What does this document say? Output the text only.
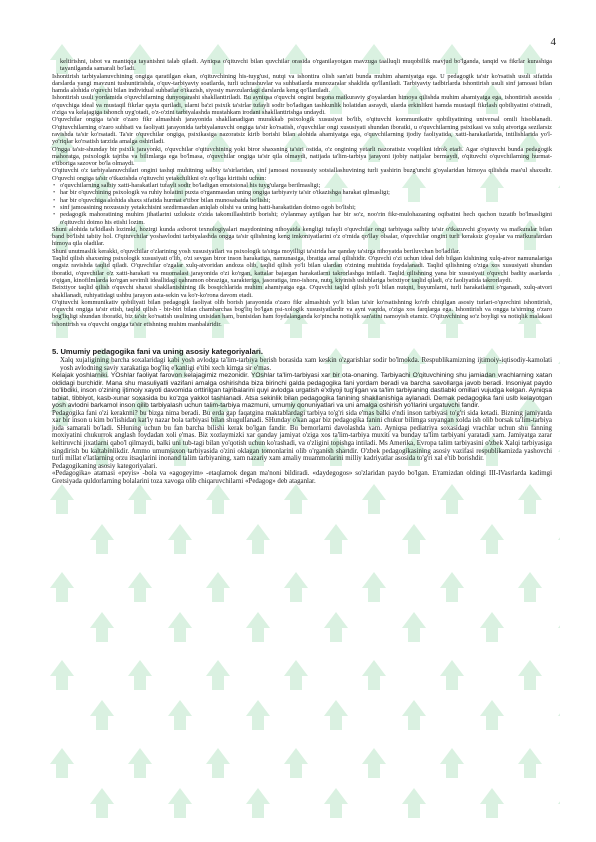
4

keltirishni, isbot va mantiqqa tayanishni talab qiladi. Ayniqsa o'qituvchi bilan quvchilar orasida o'rganilayotgan mavzuga taalluqli muqobillik mavjud bo'lganda, tanqid va fikrlar kurashiga tayanilganda samarali bo'ladi.

Ishontirish tarbiyalanuvchining ongiga qaratilgan ekan, o'qituvchining his-tuyg'usi, nutqi va ishontira olish san'ati bunda muhim ahamiyatga ega. U pedagogik ta'sir ko'rsatish usuli sifatida darslarda yangi mavzuni tushuntirishda, o'quv-tarbiyaviy soatlarda, turli uchrashuvlar va suhbatlarda munozaralar shaklida qo'llaniladi. Tarbiyaviy tadbirlarda ishontirish usuli sinf jamoasi bilan hamda alohida o'quvchi bilan individual suhbatlar o'tkazish, siyosiy mavzulardagi darslarda keng qo'llaniladi.

Ishontirish usuli yordamida o'quvchilarning dunyoqarashi shakllantiriladi. Bu ayniqsa o'quvchi ongini begona mafkuraviy g'oyalardan himoya qilishda muhim ahamiyatga ega, ishontirish asosida o'quvchiga ideal va mustaqil fikrlar qayta quriladi, ularni ba'zi psixik ta'sirlar tufayli sodir bo'ladigan tashkunlik holatidan asraydi, ularda erkinlikni hamda mustaqil fikrlash qobiliyatini o'stiradi, o'ziga va kelajagiga ishonch uyg'otadi, o'z-o'zini tarbiyalashda mustahkam irodani shakllantirishga undaydi.

O'quvchilar ongiga ta'sir o'zaro fikr almashish jarayonida shakllanadigan murakkab psixologik xususiyat bo'lib, o'qituvchi kommunikativ qobiliyatining universal omili hisoblanadi. O'qituvchilarning o'zaro suhbati va faoliyati jarayonida tarbiyalanuvchi ongiga ta'sir ko'rsatish, o'quvchilar ongi xususiyati shundan iboratki, u o'quvchilarning psixikasi va xulq atvoriga sezilarsiz ravishda ta'sir ko'rsatadi. Ta'sir o'quvchilar ongiga, psixikasiga nazoratsiz kirib borishi bilan alohida ahamiyatga ega, o'quvchilarning ijodiy faoliyatida, xatti-harakatlarida, intilishlarida yo'l-yo'riqlar ko'rsatish tarzida amalga oshiriladi.

O'ngga ta'sir-shunday bir psixik jarayonki, o'quvchilar o'qituvchining yoki biror shaxsning ta'siri ostida, o'z ongining yetarli nazoratisiz voqelikni idrok etadi. Agar o'qituvchi bunda pedagogik mahoratga, psixologik tajriba va bilimlarga ega bo'lmasa, o'quvchilar ongiga ta'sir qila olmaydi, natijada ta'lim-tarbiya jarayoni ijobiy natijalar bermaydi, o'qituvchi o'quvchilarning hurmat-e'tiboriga sazovor bo'la olmaydi.

O'qituvchi o'z tarbiyalanuvchilari ongini tashqi muhitning salbiy ta'sirlaridan, sinf jamoasi noxususiy sotsiallashuvining turli yashirin buzg'unchi g'oyalaridan himoya qilishda mas'ul shaxsdir. O'quvchi ongiga ta'sir o'tkazishda o'qituvchi yetakchilikni o'z qo'liga kiritishi uchun:

• o'quvchilarning salbiy xatti-harakatlari tufayli sodir bo'ladigan emotsional his tuyg'ularga berilmasligi;
• har bir o'quvchining psixologik va ruhiy holatini puxta o'rganmasdan uning ongiga tarbiyaviy ta'sir o'tkazishga harakat qilmasligi;
• har bir o'quvchiga alohida shaxs sifatida hurmat e'tibor bilan munosabatda bo'lishi;
• sinf jamoasining noxususiy yetakchisini sezdirmasdan aniqlab olishi va uning hatti-harakatidan doimo ogoh bo'lishi;
• pedagogik mahoratining muhim jihatlarini uzluksiz o'zida takomillashtirib borishi; o'ylanmay aytilgan har bir so'z, noo'rin fikr-mulohazaning oqibatini hech qachon tuzatib bo'lmasligini o'qituvchi doimo his etishi lozim.

Shuni alohida ta'kidlash lozimki, hozirgi kunda axborot texnologiyalari maydonining nihoyatda kengligi tufayli o'quvchilar ongi tarbiyaga salbiy ta'sir o'tkazuvchi g'oyaviy va mafkuralar bilan band bo'lishi tabiiy hol. O'qituvchilar yoshavlodni tarbiyalashda ongga ta'sir qilishning keng imkoniyatlarini o'z o'rnida qo'llay olsalar, o'quvchilar ongini turli keraksiz g'oyalar va mafkuralardan himoya qila oladilar.

Shuni unutmaslik kerakki, o'quvchilar o'zlarining yosh xususiyatlari va psixologik ta'sirga moyilligi ta'sirida har qanday ta'sirga nihoyatda beriluvchan bo'ladilar.

Taqlid qilish shaxsning psixologik xususiyati o'lib, o'zi sevgan biror inson harakatiga, namunasiga, ibratiga amal qilishidir. O'quvchi o'zi uchun ideal deb bilgan kishining xulq-atvor namunalariga ongsiz ravishda taqlid qiladi. O'quvchilar o'zgalar xulq-atvoridan andoza olib, taqlid qilish yo'li bilan ulardan o'zining muhitida foydalanadi. Taqlid qilishning o'ziga xos xususiyati shundan iboratki, o'quvchilar o'z xatti-harakati va muomalasi jarayonida o'zi ko'rgan, kattalar bajargan harakatlarni takrorlashga intiladi. Taqlid qilishning yana bir xususiyati o'quvchi badiiy asarlarda o'qigan, kinofilmlarda ko'rgan sevimli ideallidagi qahramon obraziga, xarakteriga, jasoratiga, imo-ishora, nutq, kiyinish uslublariga beixtiyor taqlid qiladi, o'z faoliyatida takrorlaydi.

Beixtiyor taqlid qilish o'quvchi shaxsi shakllanishining ilk bosqichlarida muhim ahamiyatga ega. O'quvchi taqlid qilish yo'li bilan nutqni, buyumlarni, turli harakatlarni o'rganadi, xulq-atvori shakllanadi, ruhiyatidagi ushbu jarayon asta-sekin va ko'r-ko'rona davom etadi.

O'qituvchi kommunikativ qobiliyati bilan pedagogik faoliyat olib borish jarayonida o'zaro fikr almashish yo'li bilan ta'sir ko'rsatishning ko'rib chiqilgan asosiy turlari-o'quvchini ishontirish, o'quvchi ongiga ta'sir etish, taqlid qilish - bir-biri bilan chambarchas bog'liq bo'lgan psi-xologik xususiyatlardir va ayni vaqtda, o'ziga xos farqlarga ega. Ishontirish va ongga ta'sirning o'zaro bog'liqligi shundan iboratki, biz ta'sir ko'rsatish usulining unisidan ham, bunisidan ham foydalanganda ko'pincha notiqlik san'atini namoyish etamiz. O'qituvchining so'z boyligi va notiqlik malakasi ishontirish va o'quvchi ongiga ta'sir etishning muhim manbalaridir.

5. Umumiy pedagogika fani va uning asosiy kategoriyalari.

Xalq xujaligining barcha soxalaridagi kabi yosh avlodga ta'lim-tarbiya berish borasida xam keskin o'zgarishlar sodir bo'lmokda. Respublikamizning ijtimoiy-iqtisodiy-kamolati yosh avlodning saviy xarakatiga bog'liq e'kanligi e'tibi xech kimga sir e'mas.

Kelajak yoshlarniki. YOshlar faoliyat farovon kelajagimiz mezonidir. YOshlar ta'lim-tarbiyasi xar bir ota-onaning. Tarbiyachi O'qituvchining shu jamiadan vrachlarning xatan oldidagi burchidir. Mana shu masuliyatli vazifani amalga oshirishda biza birinchi galda pedagogika fani yordam beradi va barcha savollarga javob beradi. Insoniyat paydo bo'libdiki, inson o'zining ijtimoiy xayoti davomida orttirilgan tajribalarini quyi avlodga urgatish e'xtiyoji tug'ilgan va ta'lim tarbiyaning dastlabki omillari vujudga kelgan. Ayniqsa tabiat, tibbiyot, kasb-xunar soxasida bu ko'zga yakkol tashlanadi. Atsa sekinlik bilan pedagogika fanining shakllanishiga aylanadi. Demak pedagogika fani uslb kelayotgan yosh avlodni barkamol inson qilib tarbiyalash uchun talim-tarbiya mazmuni, umumiy qonuniyatlari va uni amalga oshirish yo'llarini urgatuvchi fandir.

Pedagogika fani o'zi keraknni? bu bizga nima beradi. Bu erda gap faqatgina maktablardagi tarbiya to'g'ri sida e'mas balki e'ndi inson tarbiyasi to'g'ri sida ketadi. Bizning jamiyatda xar bir inson u kim bo'lishidan kat'iy nazar bola tarbiyasi bilan shugullanadi. SHunday o'kan agar biz pedagogika fanini chukur bilimga suyangan xolda ish olib borsak ta'lim-tarbiya juda samarali bo'ladi. SHuning uchun bu fan barcha bilishi kerak bo'lgan fandir. Bu bemorlarni davolashda xam. Ayniqsa pediatriya soxasidagi vrachlar uchun shu fanning moxiyatini chukurrok anglash foydadan xoli e'mas. Biz xozlaymizki xar qanday jamiyat o'ziga xos ta'lim-tarbiya muxiti va bunday ta'lim tarbiyani yaratadi xam. Jamiyatga zarar keltiruvchi jixatlarni qabo'l qilmaydi, balki uni tub-tagi bilan yo'qotish uchun ko'rashadi, va o'zligini topishga intiladi. Ms Amerika, Evropa talim tarbiyasini o'zbek Xalqi tarbiyasiga singdirish bu kaltabinlikdir. Ammo umumjaxon tarbiyasida o'zini oklagan tomonlarini olib o'rganish shartdir. O'zbek pedagogikasining asosiy vazifasi respublikamizda yashovchi turli millat e'latlarning orzu itsaqlarini inonand talim tarbiyaning, xam nazariy xam amaliy muammolarini milliy kadriyatlar asosida to'g'ri xal e'tib borishdir.

Pedagogikaning asosiy kategoriyalari.

«Pedagogika» atamasi «peyis» -bola va «agogeyim» -etaqlamok degan ma'noni bildiradi. «daydegogos» so'zlaridan paydo bo'lgan. E'ramizdan oldingi III-IVasrlarda kadimgi Gretsiyada quldorlarning bolalarini toza xavoga olib chiqaruvchilarni «Pedagog» deb ataganlar.
